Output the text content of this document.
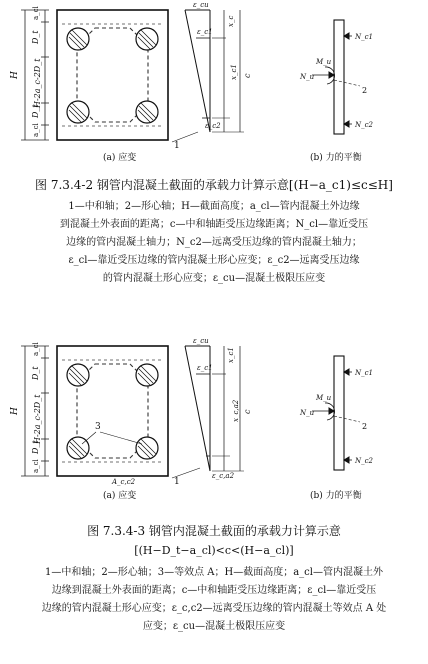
a_cl
D_t
H-2a_c-2D_t
D_t
a_cl
H
1
ε_cu
ε_c1
ε_c2
x_c
x_c1 c
N_c1
N_c2
M_u
N_u
2
(a) 应变	(b) 力的平衡
图 7.3.4-2 钢管内混凝土截面的承载力计算示意[(H−a_c1)≤c≤H]
1—中和轴；2—形心轴；H—截面高度；a_cl—管内混凝土外边缘
到混凝土外表面的距离；c—中和轴距受压边缘距离；N_cl—靠近受压
边缘的管内混凝土轴力；N_c2—远离受压边缘的管内混凝土轴力；
ε_cl—靠近受压边缘的管内混凝土形心应变；ε_c2—远离受压边缘
的管内混凝土形心应变；ε_cu—混凝土极限压应变
a_cl
D_t
H-2a_c-2D_t
D_t
a_cl
H
3
A_c,c2	1
ε_cu
ε_c1
ε_c,a2
x_c1
x_c,a2 c
N_c1
N_c2
M_u
N_u
2
(a) 应变	(b) 力的平衡
图 7.3.4-3 钢管内混凝土截面的承载力计算示意
[(H−D_t−a_cl)<c<(H−a_cl)]
1—中和轴；2—形心轴；3—等效点 A；H—截面高度；a_cl—管内混凝土外
边缘到混凝土外表面的距离；c—中和轴距受压边缘距离；ε_cl—靠近受压
边缘的管内混凝土形心应变；ε_c,c2—远离受压边缘的管内混凝土等效点 A 处
应变；ε_cu—混凝土极限压应变
